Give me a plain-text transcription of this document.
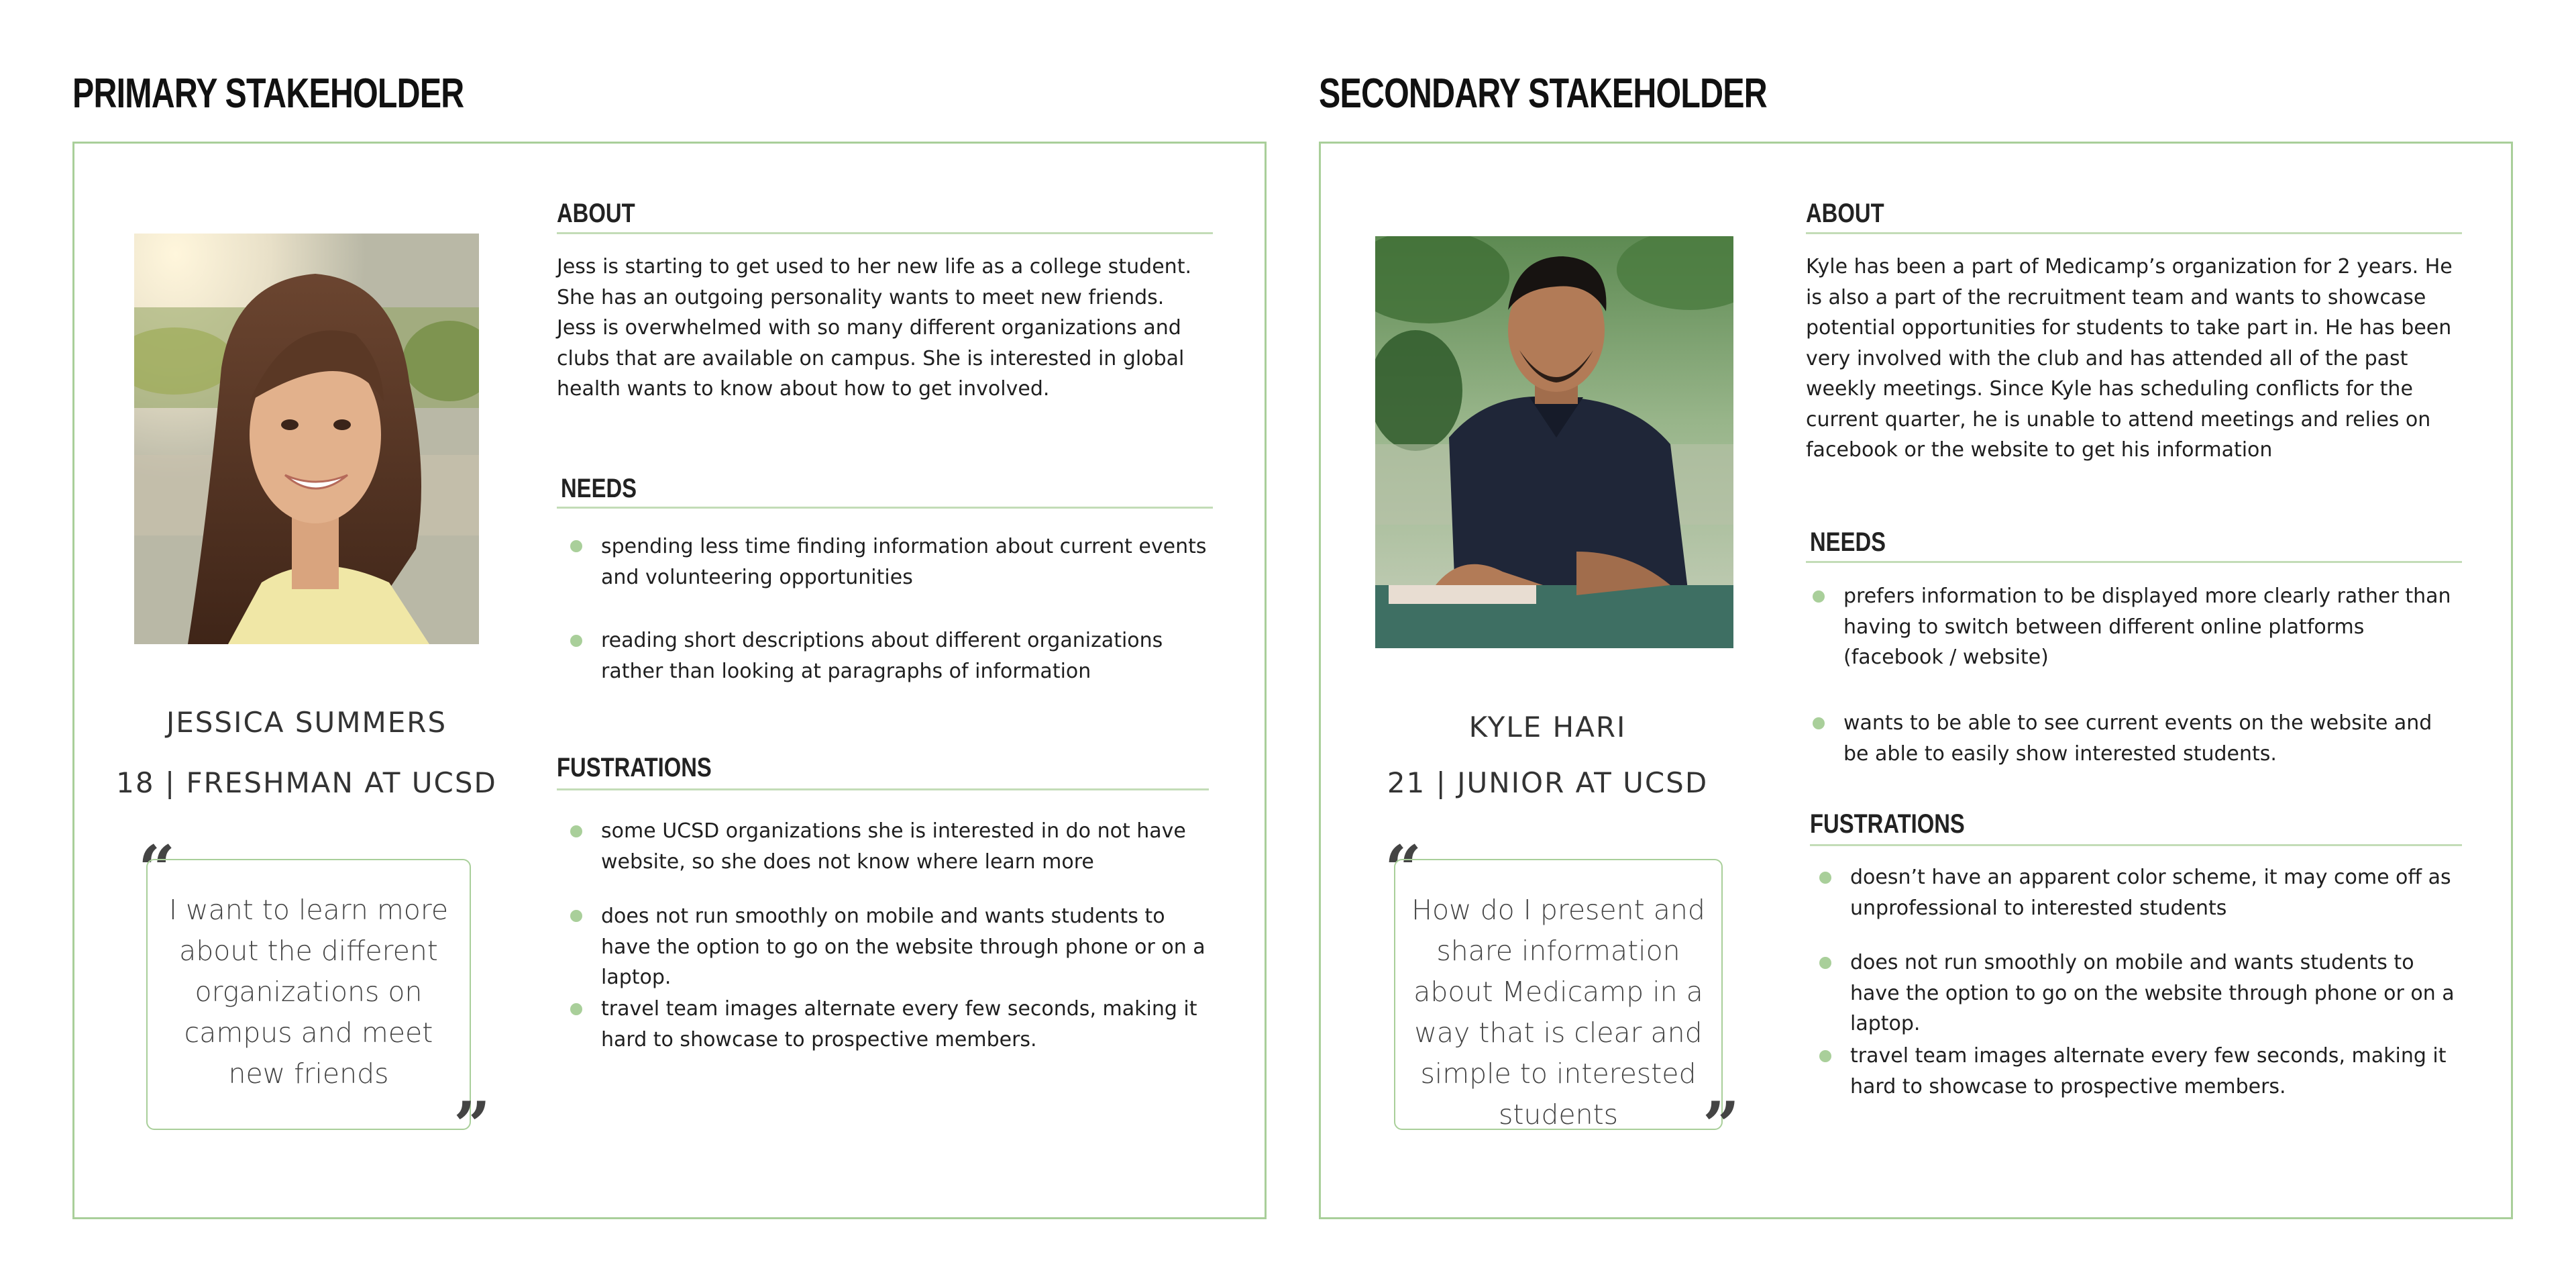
PRIMARY STAKEHOLDER
JESSICA SUMMERS
18 | FRESHMAN AT UCSD
“
I want to learn more about the different organizations on campus and meet new friends
”
ABOUT
Jess is starting to get used to her new life as a college student. She has an outgoing personality wants to meet new friends. Jess is overwhelmed with so many different organizations and clubs that are available on campus. She is interested in global health wants to know about how to get involved.
NEEDS
spending less time finding information about current events and volunteering opportunities
reading short descriptions about different organizations rather than looking at paragraphs of information
FUSTRATIONS
some UCSD organizations she is interested in do not have website, so she does not know where learn more
does not run smoothly on mobile and wants students to have the option to go on the website through phone or on a laptop.
travel team images alternate every few seconds, making it hard to showcase to prospective members.
SECONDARY STAKEHOLDER
KYLE HARI
21 | JUNIOR AT UCSD
“
How do I present and share information about Medicamp in a way that is clear and simple to interested students	”
ABOUT
Kyle has been a part of Medicamp’s organization for 2 years. He is also a part of the recruitment team and wants to showcase potential opportunities for students to take part in. He has been very involved with the club and has attended all of the past weekly meetings. Since Kyle has scheduling conflicts for the current quarter, he is unable to attend meetings and relies on facebook or the website to get his information
NEEDS
prefers information to be displayed more clearly rather than having to switch between different online platforms (facebook / website)
wants to be able to see current events on the website and be able to easily show interested students.
FUSTRATIONS
doesn’t have an apparent color scheme, it may come off as unprofessional to interested students
does not run smoothly on mobile and wants students to have the option to go on the website through phone or on a laptop.
travel team images alternate every few seconds, making it hard to showcase to prospective members.
